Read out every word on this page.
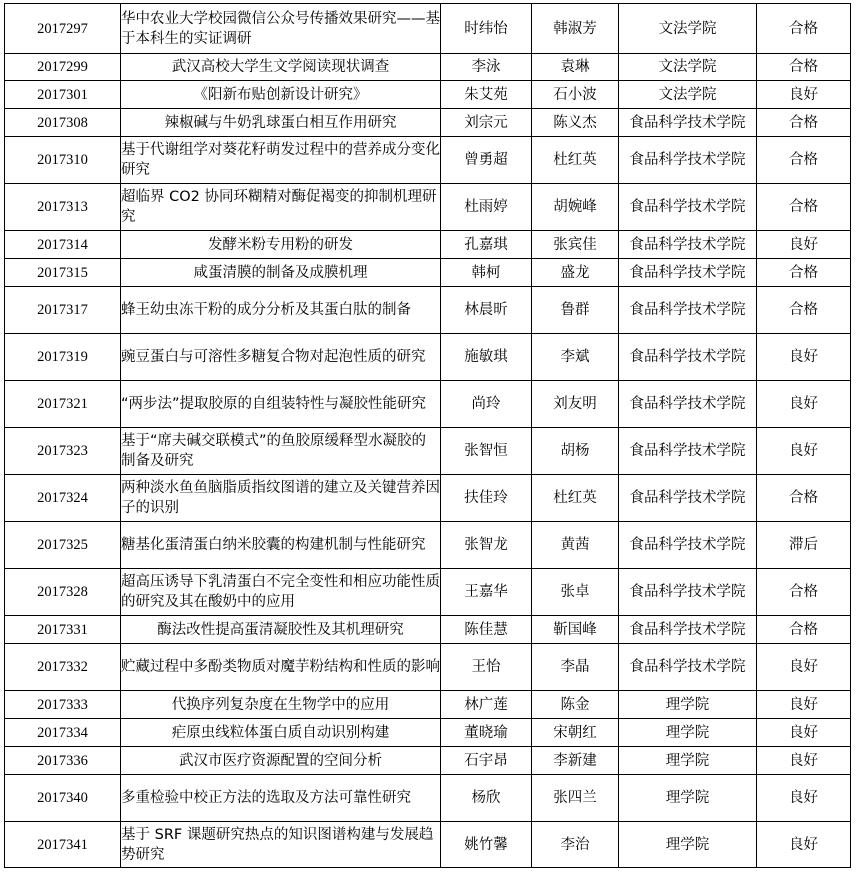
2017297	华中农业大学校园微信公众号传播效果研究——基于本科生的实证调研	时纬怡	韩淑芳	文法学院	合格
2017299	武汉高校大学生文学阅读现状调查	李泳	袁琳	文法学院	合格
2017301	《阳新布贴创新设计研究》	朱艾苑	石小波	文法学院	良好
2017308	辣椒碱与牛奶乳球蛋白相互作用研究	刘宗元	陈义杰	食品科学技术学院	合格
2017310	基于代谢组学对葵花籽萌发过程中的营养成分变化研究	曾勇超	杜红英	食品科学技术学院	合格
2017313	超临界 CO2 协同环糊精对酶促褐变的抑制机理研究	杜雨婷	胡婉峰	食品科学技术学院	合格
2017314	发酵米粉专用粉的研发	孔嘉琪	张宾佳	食品科学技术学院	良好
2017315	咸蛋清膜的制备及成膜机理	韩柯	盛龙	食品科学技术学院	合格
2017317	蜂王幼虫冻干粉的成分分析及其蛋白肽的制备	林晨昕	鲁群	食品科学技术学院	合格
2017319	豌豆蛋白与可溶性多糖复合物对起泡性质的研究	施敏琪	李斌	食品科学技术学院	良好
2017321	“两步法”提取胶原的自组装特性与凝胶性能研究	尚玲	刘友明	食品科学技术学院	良好
2017323	基于“席夫碱交联模式”的鱼胶原缓释型水凝胶的制备及研究	张智恒	胡杨	食品科学技术学院	良好
2017324	两种淡水鱼鱼脑脂质指纹图谱的建立及关键营养因子的识别	扶佳玲	杜红英	食品科学技术学院	合格
2017325	糖基化蛋清蛋白纳米胶囊的构建机制与性能研究	张智龙	黄茜	食品科学技术学院	滞后
2017328	超高压诱导下乳清蛋白不完全变性和相应功能性质的研究及其在酸奶中的应用	王嘉华	张卓	食品科学技术学院	合格
2017331	酶法改性提高蛋清凝胶性及其机理研究	陈佳慧	靳国峰	食品科学技术学院	合格
2017332	贮藏过程中多酚类物质对魔芋粉结构和性质的影响	王怡	李晶	食品科学技术学院	良好
2017333	代换序列复杂度在生物学中的应用	林广莲	陈金	理学院	良好
2017334	疟原虫线粒体蛋白质自动识别构建	董晓瑜	宋朝红	理学院	良好
2017336	武汉市医疗资源配置的空间分析	石宇昂	李新建	理学院	良好
2017340	多重检验中校正方法的选取及方法可靠性研究	杨欣	张四兰	理学院	良好
2017341	基于 SRF 课题研究热点的知识图谱构建与发展趋势研究	姚竹馨	李治	理学院	良好
